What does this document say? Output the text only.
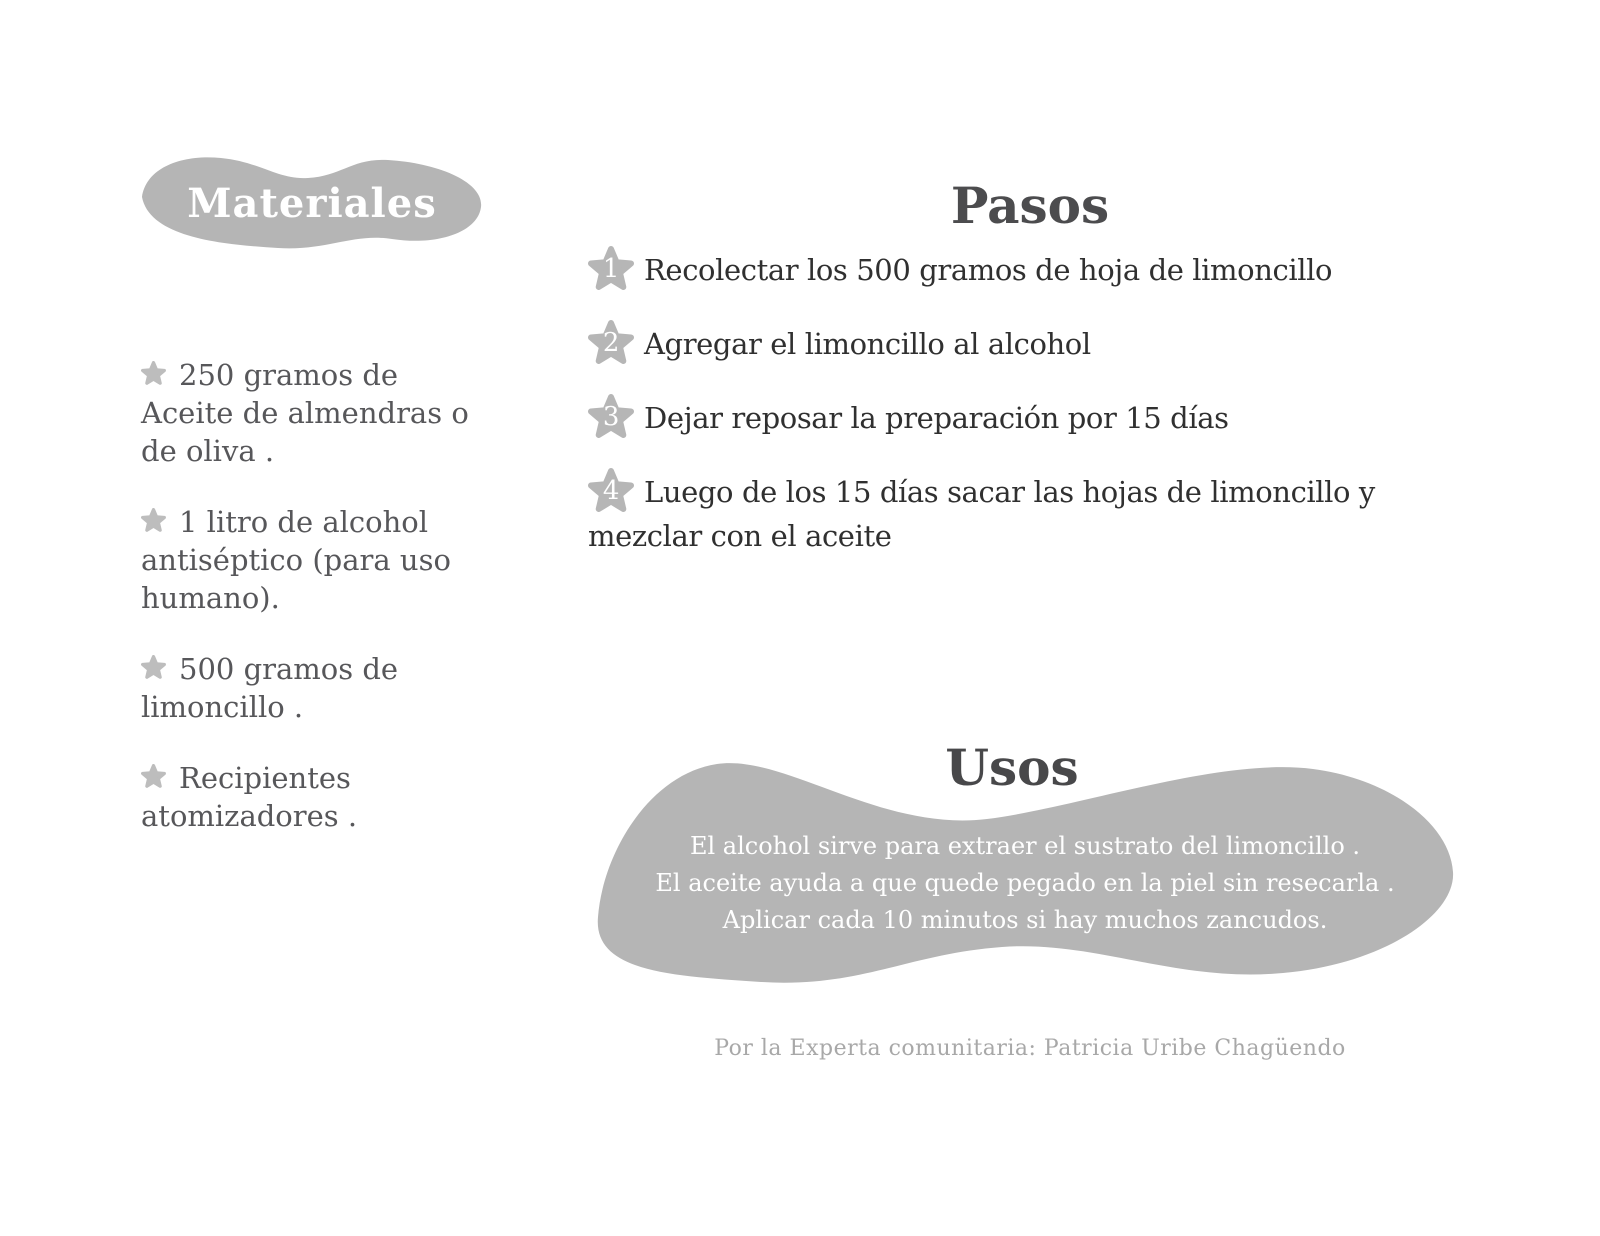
Materiales
250 gramos de Aceite de almendras o de oliva .
1 litro de alcohol antiséptico (para uso humano).
500 gramos de limoncillo .
Recipientes atomizadores .
Pasos
1 Recolectar los 500 gramos de hoja de limoncillo
2 Agregar el limoncillo al alcohol
3 Dejar reposar la preparación por 15 días
4 Luego de los 15 días sacar las hojas de limoncillo y mezclar con el aceite
Usos

El alcohol sirve para extraer el sustrato del limoncillo .

El aceite ayuda a que quede pegado en la piel sin resecarla .

Aplicar cada 10 minutos si hay muchos zancudos.

Por la Experta comunitaria: Patricia Uribe Chagüendo
